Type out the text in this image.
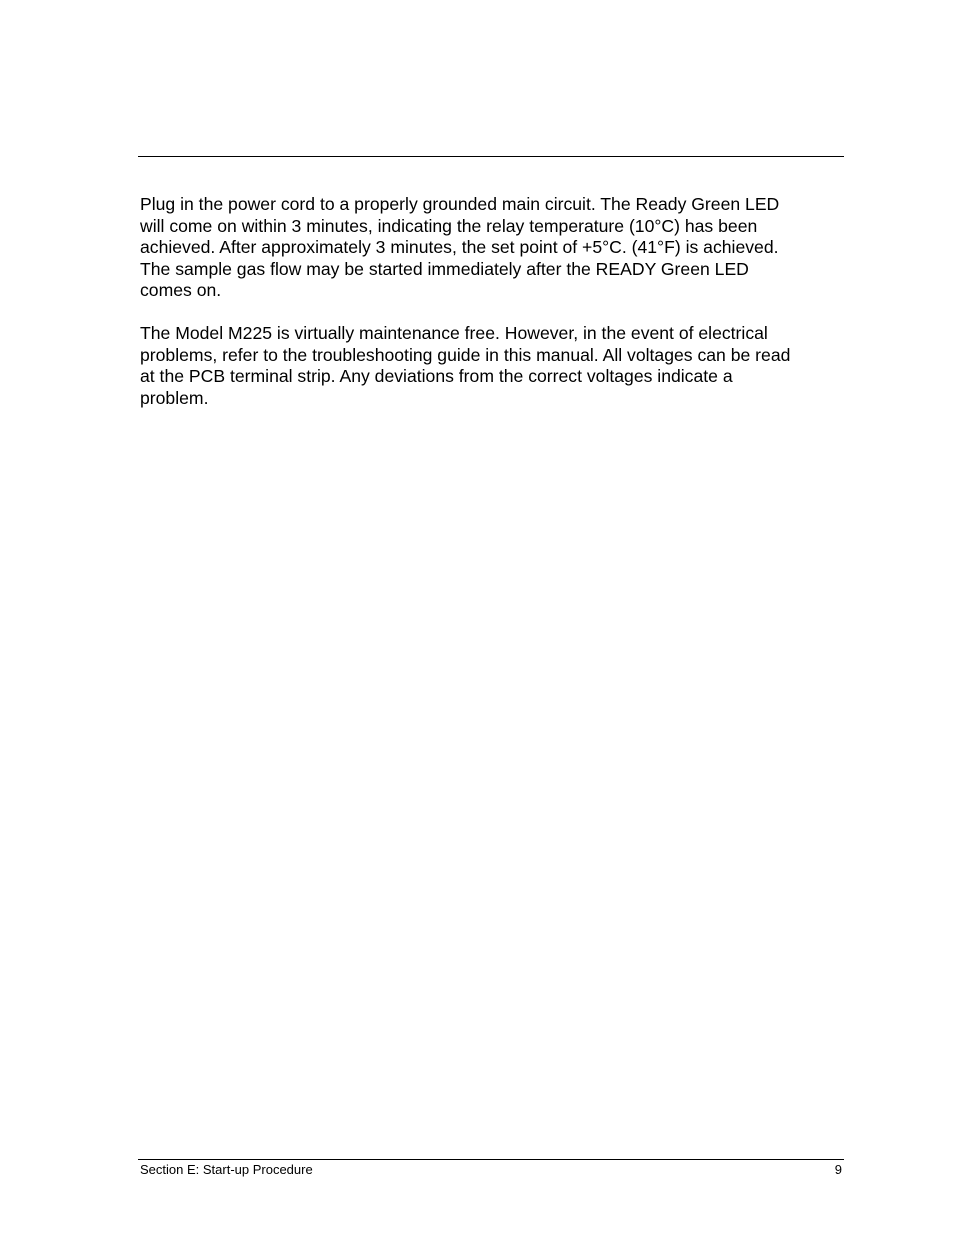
Plug in the power cord to a properly grounded main circuit. The Ready Green LED
will come on within 3 minutes, indicating the relay temperature (10°C) has been
achieved. After approximately 3 minutes, the set point of +5°C. (41°F) is achieved.
The sample gas flow may be started immediately after the READY Green LED
comes on.

The Model M225 is virtually maintenance free. However, in the event of electrical
problems, refer to the troubleshooting guide in this manual. All voltages can be read
at the PCB terminal strip. Any deviations from the correct voltages indicate a
problem.

Section E: Start-up Procedure	9
